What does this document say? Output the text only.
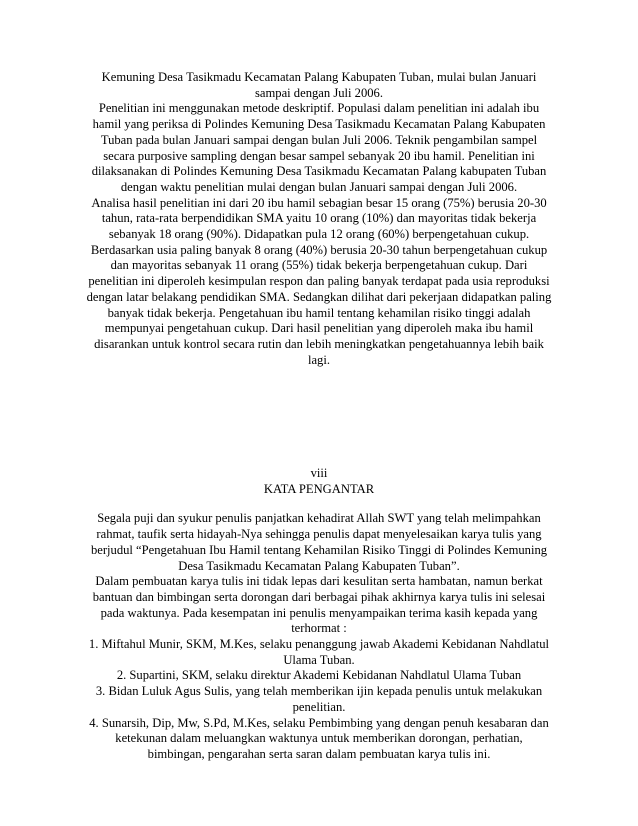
Kemuning Desa Tasikmadu Kecamatan Palang Kabupaten Tuban, mulai bulan Januari sampai dengan Juli 2006.

Penelitian ini menggunakan metode deskriptif. Populasi dalam penelitian ini adalah ibu hamil yang periksa di Polindes Kemuning Desa Tasikmadu Kecamatan Palang Kabupaten Tuban pada bulan Januari sampai dengan bulan Juli 2006. Teknik pengambilan sampel secara purposive sampling dengan besar sampel sebanyak 20 ibu hamil. Penelitian ini dilaksanakan di Polindes Kemuning Desa Tasikmadu Kecamatan Palang kabupaten Tuban dengan waktu penelitian mulai dengan bulan Januari sampai dengan Juli 2006.

Analisa hasil penelitian ini dari 20 ibu hamil sebagian besar 15 orang (75%) berusia 20-30 tahun, rata-rata berpendidikan SMA yaitu 10 orang (10%) dan mayoritas tidak bekerja sebanyak 18 orang (90%). Didapatkan pula 12 orang (60%) berpengetahuan cukup. Berdasarkan usia paling banyak 8 orang (40%) berusia 20-30 tahun berpengetahuan cukup dan mayoritas sebanyak 11 orang (55%) tidak bekerja berpengetahuan cukup. Dari penelitian ini diperoleh kesimpulan respon dan paling banyak terdapat pada usia reproduksi dengan latar belakang pendidikan SMA. Sedangkan dilihat dari pekerjaan didapatkan paling banyak tidak bekerja. Pengetahuan ibu hamil tentang kehamilan risiko tinggi adalah mempunyai pengetahuan cukup. Dari hasil penelitian yang diperoleh maka ibu hamil disarankan untuk kontrol secara rutin dan lebih meningkatkan pengetahuannya lebih baik lagi.

viii

KATA PENGANTAR

Segala puji dan syukur penulis panjatkan kehadirat Allah SWT yang telah melimpahkan rahmat, taufik serta hidayah-Nya sehingga penulis dapat menyelesaikan karya tulis yang berjudul “Pengetahuan Ibu Hamil tentang Kehamilan Risiko Tinggi di Polindes Kemuning Desa Tasikmadu Kecamatan Palang Kabupaten Tuban”.

Dalam pembuatan karya tulis ini tidak lepas dari kesulitan serta hambatan, namun berkat bantuan dan bimbingan serta dorongan dari berbagai pihak akhirnya karya tulis ini selesai pada waktunya. Pada kesempatan ini penulis menyampaikan terima kasih kepada yang terhormat :

1. Miftahul Munir, SKM, M.Kes, selaku penanggung jawab Akademi Kebidanan Nahdlatul Ulama Tuban.

2. Supartini, SKM, selaku direktur Akademi Kebidanan Nahdlatul Ulama Tuban

3. Bidan Luluk Agus Sulis, yang telah memberikan ijin kepada penulis untuk melakukan penelitian.

4. Sunarsih, Dip, Mw, S.Pd, M.Kes, selaku Pembimbing yang dengan penuh kesabaran dan ketekunan dalam meluangkan waktunya untuk memberikan dorongan, perhatian, bimbingan, pengarahan serta saran dalam pembuatan karya tulis ini.
